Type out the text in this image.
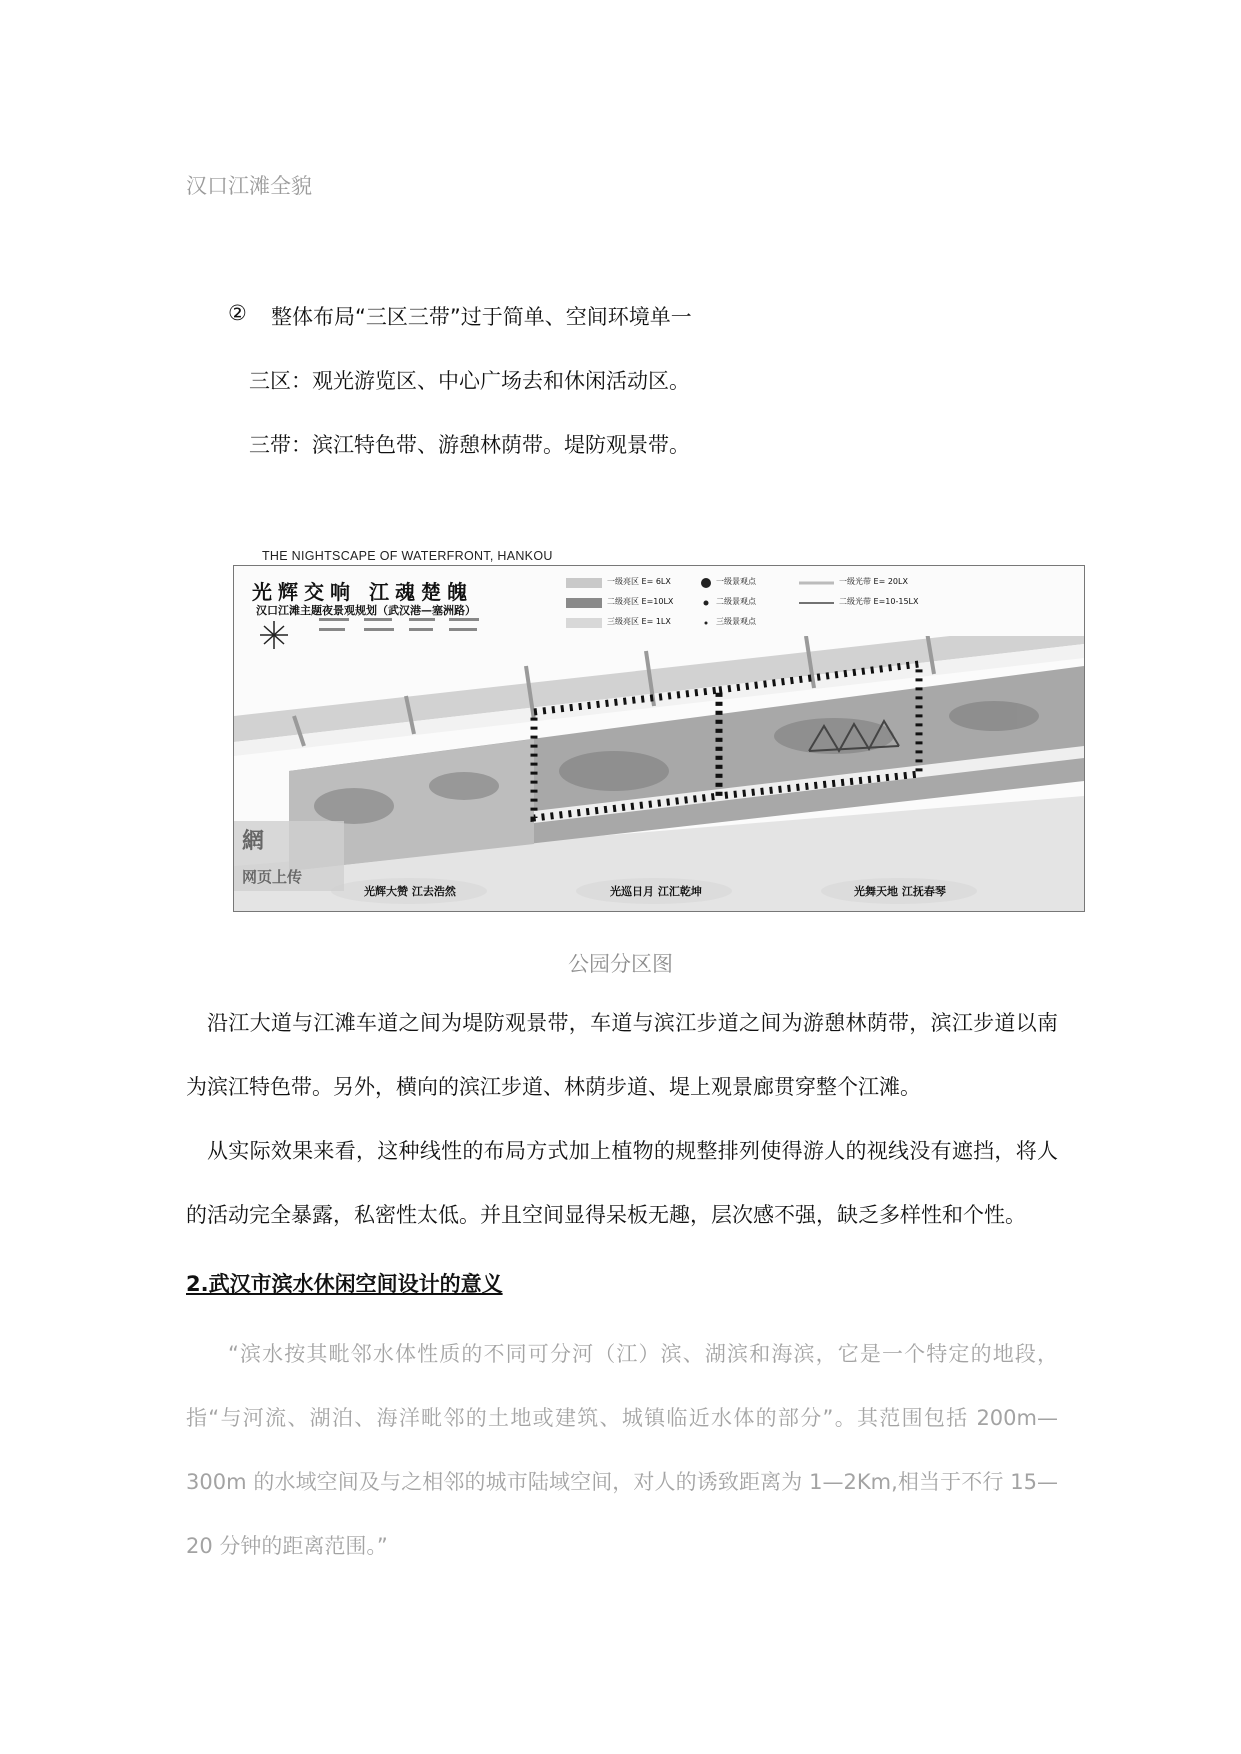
汉口江滩全貌
② 整体布局“三区三带”过于简单、空间环境单一
三区：观光游览区、中心广场去和休闲活动区。
三带：滨江特色带、游憩林荫带。堤防观景带。
THE NIGHTSCAPE OF WATERFRONT, HANKOU
光辉交响 江魂楚魄
汉口江滩主题夜景观规划（武汉港—塞洲路）
一级亮区 E= 6LX
二级亮区 E=10LX
三级亮区 E= 1LX
一级景观点
二级景观点
三级景观点
一级光带 E= 20LX
二级光带 E=10-15LX
光辉大赞 江去浩然	光巡日月 江汇乾坤	光舞天地 江抚春琴
網
网页上传
公园分区图
沿江大道与江滩车道之间为堤防观景带，车道与滨江步道之间为游憩林荫带，滨江步道以南为滨江特色带。另外，横向的滨江步道、林荫步道、堤上观景廊贯穿整个江滩。
从实际效果来看，这种线性的布局方式加上植物的规整排列使得游人的视线没有遮挡，将人的活动完全暴露，私密性太低。并且空间显得呆板无趣，层次感不强，缺乏多样性和个性。
2.武汉市滨水休闲空间设计的意义
“滨水按其毗邻水体性质的不同可分河（江）滨、湖滨和海滨，它是一个特定的地段，指“与河流、湖泊、海洋毗邻的土地或建筑、城镇临近水体的部分”。其范围包括 200m—300m 的水域空间及与之相邻的城市陆域空间，对人的诱致距离为 1—2Km,相当于不行 15—20 分钟的距离范围。”
